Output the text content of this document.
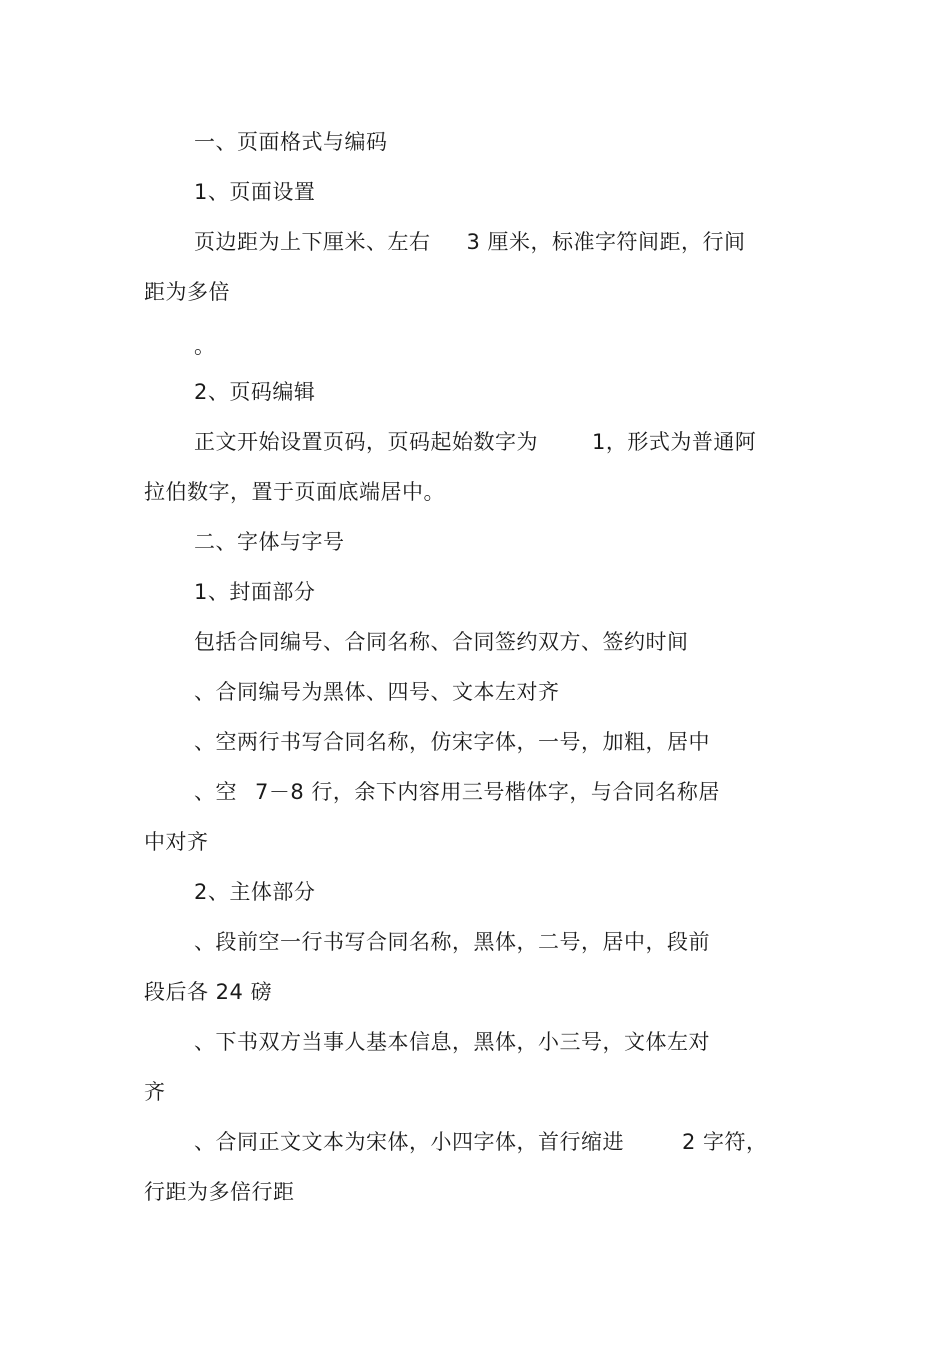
一、页面格式与编码
1、页面设置
页边距为上下厘米、左右 3 厘米，标准字符间距，行间
距为多倍
。
2、页码编辑
正文开始设置页码，页码起始数字为	1，形式为普通阿
拉伯数字，置于页面底端居中。
二、字体与字号
1、封面部分
包括合同编号、合同名称、合同签约双方、签约时间
、合同编号为黑体、四号、文本左对齐
、空两行书写合同名称，仿宋字体，一号，加粗，居中
、空 7－8 行，余下内容用三号楷体字，与合同名称居
中对齐
2、主体部分
、段前空一行书写合同名称，黑体，二号，居中，段前
段后各 24 磅
、下书双方当事人基本信息，黑体，小三号，文体左对
齐
、合同正文文本为宋体，小四字体，首行缩进	2 字符，
行距为多倍行距
